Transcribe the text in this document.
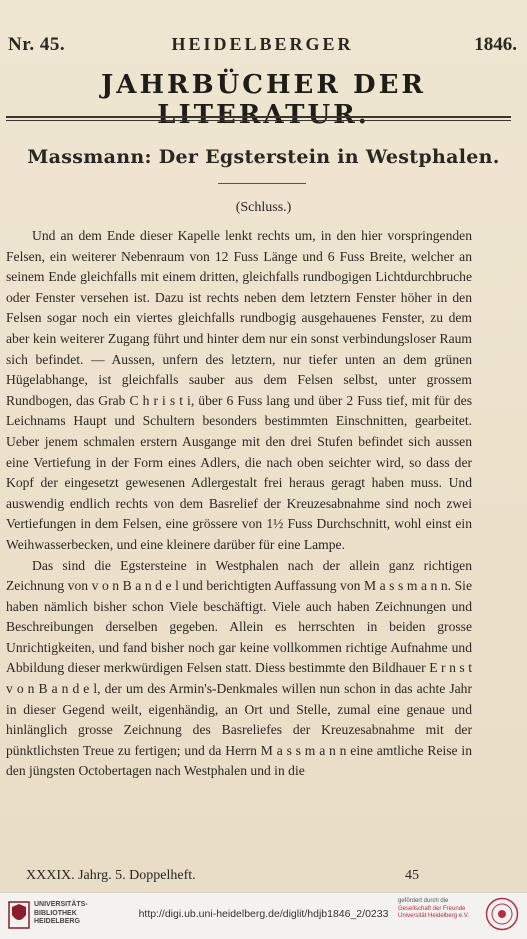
Nr. 45.	HEIDELBERGER	1846.
JAHRBÜCHER DER LITERATUR.
Massmann: Der Egsterstein in Westphalen.
(Schluss.)

Und an dem Ende dieser Kapelle lenkt rechts um, in den hier vorspringenden Felsen, ein weiterer Nebenraum von 12 Fuss Länge und 6 Fuss Breite, welcher an seinem Ende gleichfalls mit einem dritten, gleichfalls rundbogigen Lichtdurchbruche oder Fenster versehen ist. Dazu ist rechts neben dem letztern Fenster höher in den Felsen sogar noch ein viertes gleichfalls rundbogig ausgehauenes Fenster, zu dem aber kein weiterer Zugang führt und hinter dem nur ein sonst verbindungsloser Raum sich befindet. — Aussen, unfern des letztern, nur tiefer unten an dem grünen Hügelabhange, ist gleichfalls sauber aus dem Felsen selbst, unter grossem Rundbogen, das Grab C h r i s t i, über 6 Fuss lang und über 2 Fuss tief, mit für des Leichnams Haupt und Schultern besonders bestimmten Einschnitten, gearbeitet. Ueber jenem schmalen erstern Ausgange mit den drei Stufen befindet sich aussen eine Vertiefung in der Form eines Adlers, die nach oben seichter wird, so dass der Kopf der eingesetzt gewesenen Adlergestalt frei heraus geragt haben muss. Und auswendig endlich rechts von dem Basrelief der Kreuzesabnahme sind noch zwei Vertiefungen in dem Felsen, eine grössere von 1½ Fuss Durchschnitt, wohl einst ein Weihwasserbecken, und eine kleinere darüber für eine Lampe.

Das sind die Egstersteine in Westphalen nach der allein ganz richtigen Zeichnung von v o n B a n d e l und berichtigten Auffassung von M a s s m a n n. Sie haben nämlich bisher schon Viele beschäftigt. Viele auch haben Zeichnungen und Beschreibungen derselben gegeben. Allein es herrschten in beiden grosse Unrichtigkeiten, und fand bisher noch gar keine vollkommen richtige Aufnahme und Abbildung dieser merkwürdigen Felsen statt. Diess bestimmte den Bildhauer E r n s t v o n B a n d e l, der um des Armin's-Denkmales willen nun schon in das achte Jahr in dieser Gegend weilt, eigenhändig, an Ort und Stelle, zumal eine genaue und hinlänglich grosse Zeichnung des Basreliefes der Kreuzesabnahme mit der pünktlichsten Treue zu fertigen; und da Herrn M a s s m a n n eine amtliche Reise in den jüngsten Octobertagen nach Westphalen und in die

XXXIX. Jahrg. 5. Doppelheft.	45
UNIVERSITÄTS-
BIBLIOTHEK
HEIDELBERG
http://digi.ub.uni-heidelberg.de/diglit/hdjb1846_2/0233
gefördert durch die
Gesellschaft der Freunde
Universität Heidelberg e.V.
